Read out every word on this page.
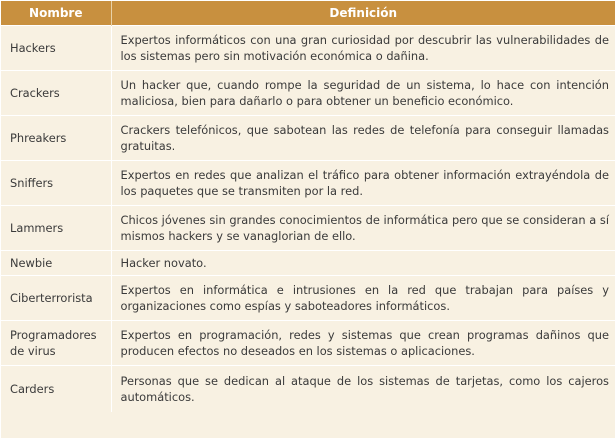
Nombre	Definición
Hackers	Expertos informáticos con una gran curiosidad por descubrir las vulnerabilidades de los sistemas pero sin motivación económica o dañina.
Crackers	Un hacker que, cuando rompe la seguridad de un sistema, lo hace con intención maliciosa, bien para dañarlo o para obtener un beneficio económico.
Phreakers	Crackers telefónicos, que sabotean las redes de telefonía para conseguir llamadas gratuitas.
Sniffers	Expertos en redes que analizan el tráfico para obtener información extrayéndola de los paquetes que se transmiten por la red.
Lammers	Chicos jóvenes sin grandes conocimientos de informática pero que se consideran a sí mismos hackers y se vanaglorian de ello.
Newbie	Hacker novato.
Ciberterrorista	Expertos en informática e intrusiones en la red que trabajan para países y organizaciones como espías y saboteadores informáticos.
Programadores de virus	Expertos en programación, redes y sistemas que crean programas dañinos que producen efectos no deseados en los sistemas o aplicaciones.
Carders	Personas que se dedican al ataque de los sistemas de tarjetas, como los cajeros automáticos.
